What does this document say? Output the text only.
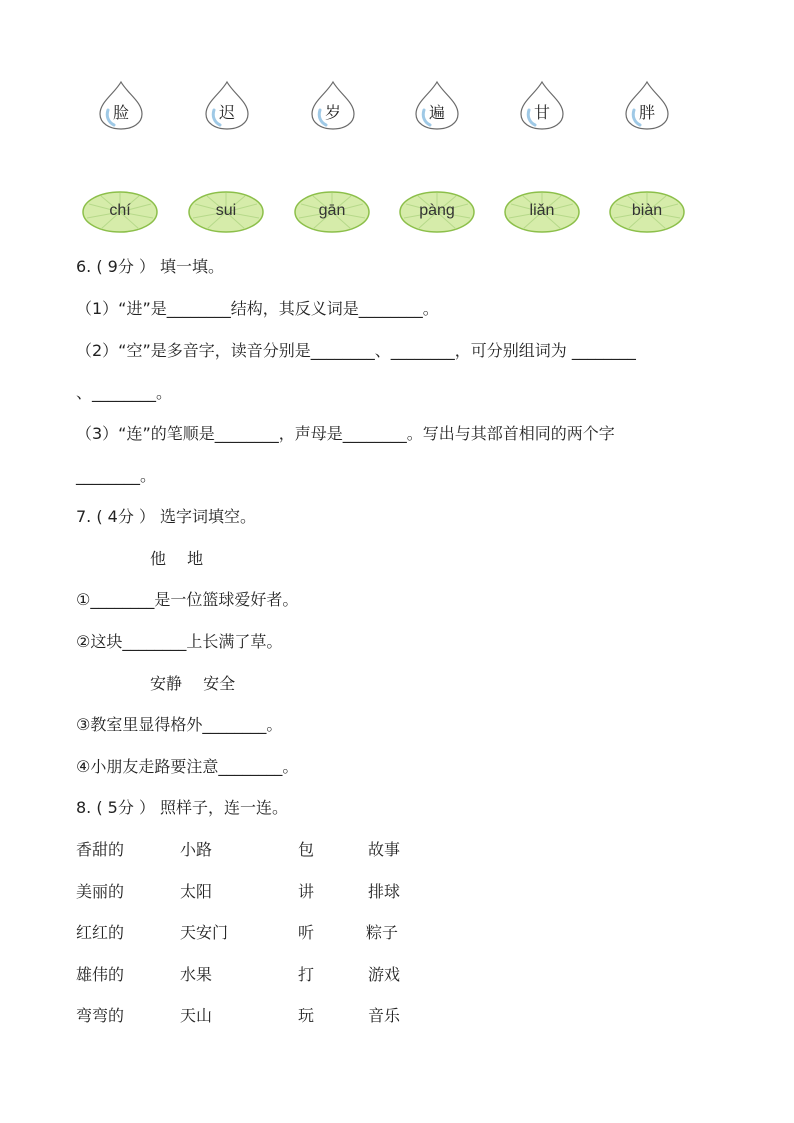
脸	迟	岁	遍	甘	胖
chí	sui	gān	pàng	liǎn	biàn
6. ( 9分 ） 填一填。
（1）“进”是________结构，其反义词是________。
（2）“空”是多音字，读音分别是________、________，可分别组词为 ________
、________。
（3）“连”的笔顺是________，声母是________。写出与其部首相同的两个字
________。
7. ( 4分 ） 选字词填空。
他　 地
①________是一位篮球爱好者。
②这块________上长满了草。
安静　 安全
③教室里显得格外________。
④小朋友走路要注意________。
8. ( 5分 ） 照样子，连一连。
香甜的	小路	包	故事
美丽的	太阳	讲	排球
红红的	天安门	听	粽子
雄伟的	水果	打	游戏
弯弯的	天山	玩	音乐
